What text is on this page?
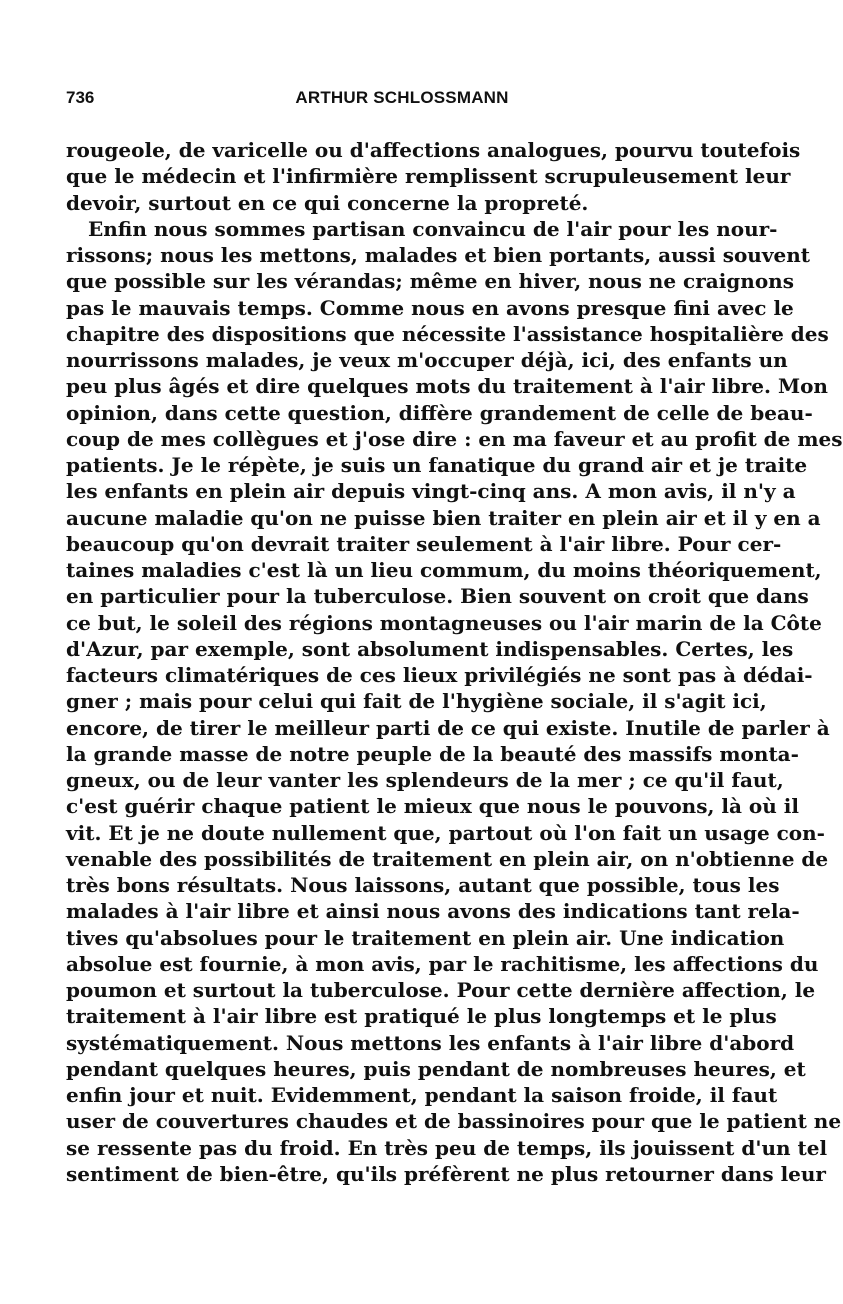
736	ARTHUR SCHLOSSMANN
rougeole, de varicelle ou d'affections analogues, pourvu toutefois
que le médecin et l'infirmière remplissent scrupuleusement leur
devoir, surtout en ce qui concerne la propreté.
Enfin nous sommes partisan convaincu de l'air pour les nour-
rissons; nous les mettons, malades et bien portants, aussi souvent
que possible sur les vérandas; même en hiver, nous ne craignons
pas le mauvais temps. Comme nous en avons presque fini avec le
chapitre des dispositions que nécessite l'assistance hospitalière des
nourrissons malades, je veux m'occuper déjà, ici, des enfants un
peu plus âgés et dire quelques mots du traitement à l'air libre. Mon
opinion, dans cette question, diffère grandement de celle de beau-
coup de mes collègues et j'ose dire : en ma faveur et au profit de mes
patients. Je le répète, je suis un fanatique du grand air et je traite
les enfants en plein air depuis vingt-cinq ans. A mon avis, il n'y a
aucune maladie qu'on ne puisse bien traiter en plein air et il y en a
beaucoup qu'on devrait traiter seulement à l'air libre. Pour cer-
taines maladies c'est là un lieu commum, du moins théoriquement,
en particulier pour la tuberculose. Bien souvent on croit que dans
ce but, le soleil des régions montagneuses ou l'air marin de la Côte
d'Azur, par exemple, sont absolument indispensables. Certes, les
facteurs climatériques de ces lieux privilégiés ne sont pas à dédai-
gner ; mais pour celui qui fait de l'hygiène sociale, il s'agit ici,
encore, de tirer le meilleur parti de ce qui existe. Inutile de parler à
la grande masse de notre peuple de la beauté des massifs monta-
gneux, ou de leur vanter les splendeurs de la mer ; ce qu'il faut,
c'est guérir chaque patient le mieux que nous le pouvons, là où il
vit. Et je ne doute nullement que, partout où l'on fait un usage con-
venable des possibilités de traitement en plein air, on n'obtienne de
très bons résultats. Nous laissons, autant que possible, tous les
malades à l'air libre et ainsi nous avons des indications tant rela-
tives qu'absolues pour le traitement en plein air. Une indication
absolue est fournie, à mon avis, par le rachitisme, les affections du
poumon et surtout la tuberculose. Pour cette dernière affection, le
traitement à l'air libre est pratiqué le plus longtemps et le plus
systématiquement. Nous mettons les enfants à l'air libre d'abord
pendant quelques heures, puis pendant de nombreuses heures, et
enfin jour et nuit. Evidemment, pendant la saison froide, il faut
user de couvertures chaudes et de bassinoires pour que le patient ne
se ressente pas du froid. En très peu de temps, ils jouissent d'un tel
sentiment de bien-être, qu'ils préfèrent ne plus retourner dans leur
